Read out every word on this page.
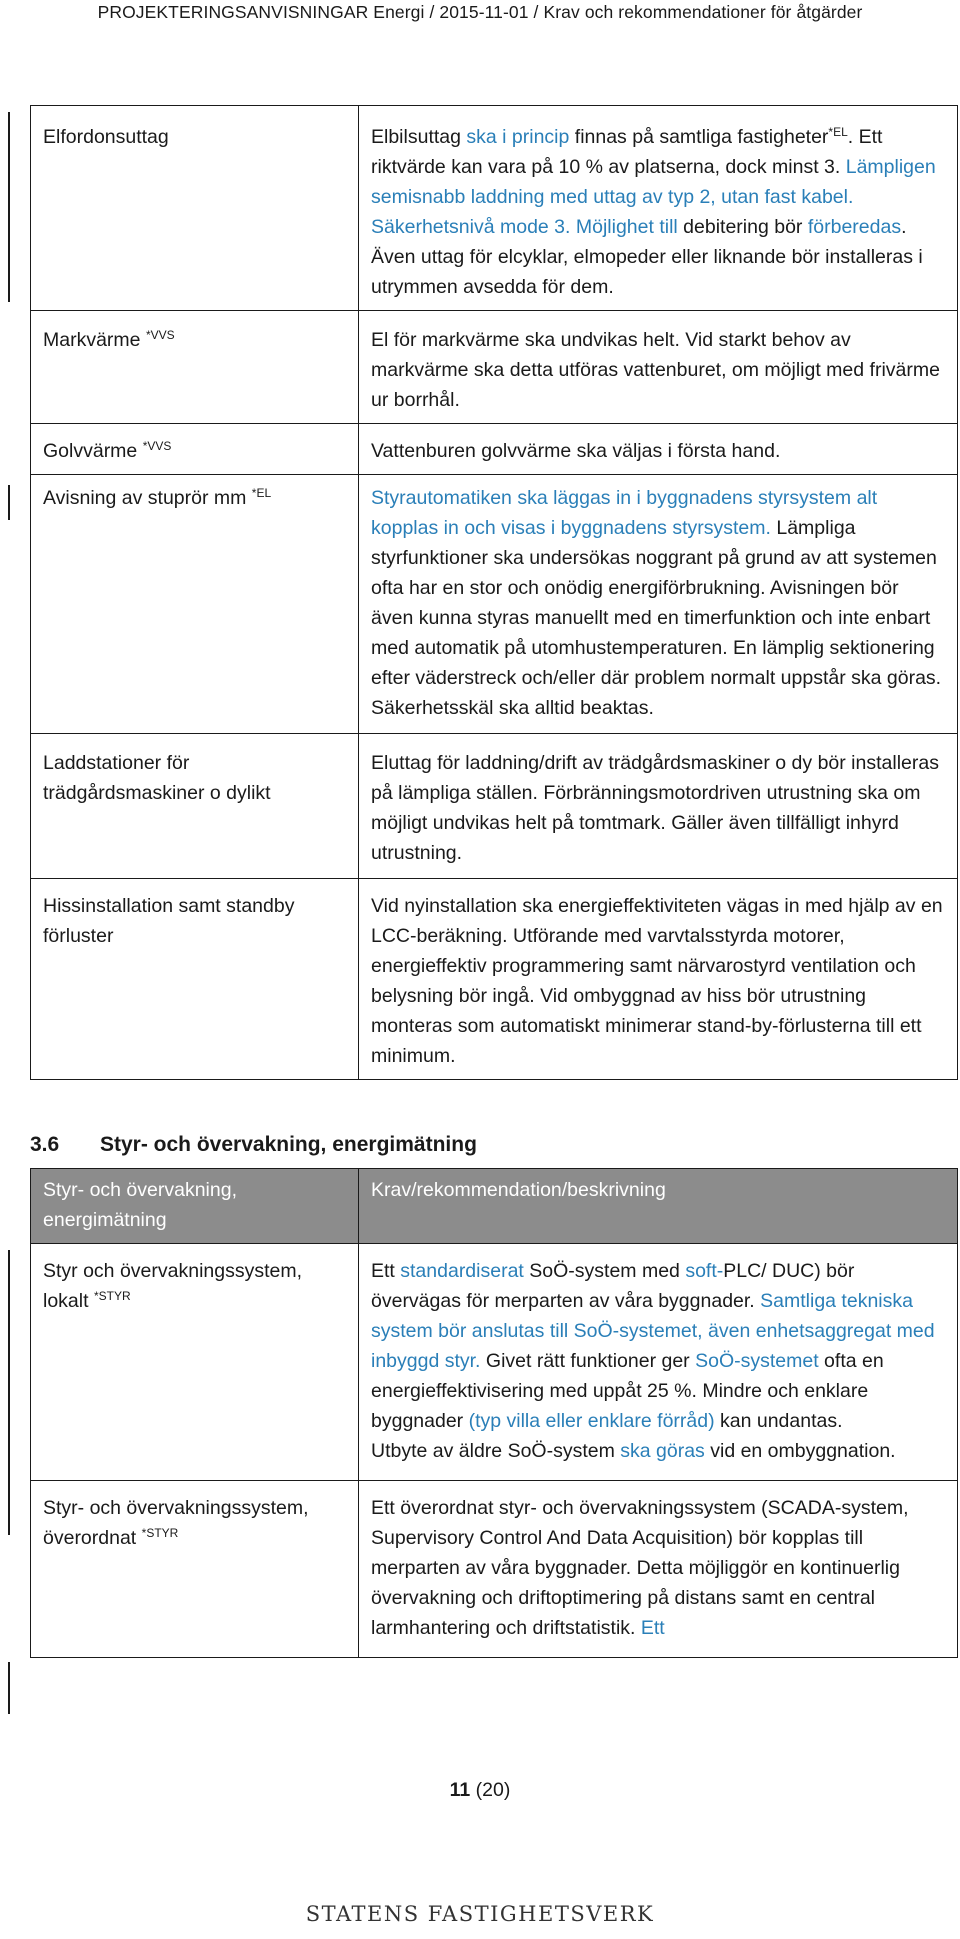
PROJEKTERINGSANVISNINGAR Energi / 2015-11-01 / Krav och rekommendationer för åtgärder
Elfordonsuttag	Elbilsuttag ska i princip finnas på samtliga fastigheter$^{*EL}$. Ett riktvärde kan vara på 10 % av platserna, dock minst 3. Lämpligen semisnabb laddning med uttag av typ 2, utan fast kabel. Säkerhetsnivå mode 3. Möjlighet till debitering bör förberedas. Även uttag för elcyklar, elmopeder eller liknande bör installeras i utrymmen avsedda för dem.
Markvärme $^{*VVS}$	El för markvärme ska undvikas helt. Vid starkt behov av markvärme ska detta utföras vattenburet, om möjligt med frivärme ur borrhål.
Golvvärme $^{*VVS}$	Vattenburen golvvärme ska väljas i första hand.
Avisning av stuprör mm $^{*EL}$	Styrautomatiken ska läggas in i byggnadens styrsystem alt kopplas in och visas i byggnadens styrsystem. Lämpliga styrfunktioner ska undersökas noggrant på grund av att systemen ofta har en stor och onödig energiförbrukning. Avisningen bör även kunna styras manuellt med en timerfunktion och inte enbart med automatik på utomhustemperaturen. En lämplig sektionering efter väderstreck och/eller där problem normalt uppstår ska göras. Säkerhetsskäl ska alltid beaktas.
Laddstationer för trädgårdsmaskiner o dylikt	Eluttag för laddning/drift av trädgårdsmaskiner o dy bör installeras på lämpliga ställen. Förbränningsmotordriven utrustning ska om möjligt undvikas helt på tomtmark. Gäller även tillfälligt inhyrd utrustning.
Hissinstallation samt standby förluster	Vid nyinstallation ska energieffektiviteten vägas in med hjälp av en LCC-beräkning. Utförande med varvtalsstyrda motorer, energieffektiv programmering samt närvarostyrd ventilation och belysning bör ingå. Vid ombyggnad av hiss bör utrustning monteras som automatiskt minimerar stand-by-förlusterna till ett minimum.
3.6 Styr- och övervakning, energimätning
Styr- och övervakning, energimätning	Krav/rekommendation/beskrivning
Styr och övervakningssystem, lokalt $^{*STYR}$	Ett standardiserat SoÖ-system med soft-PLC/ DUC) bör övervägas för merparten av våra byggnader. Samtliga tekniska system bör anslutas till SoÖ-systemet, även enhetsaggregat med inbyggd styr. Givet rätt funktioner ger SoÖ-systemet ofta en energieffektivisering med uppåt 25 %. Mindre och enklare byggnader (typ villa eller enklare förråd) kan undantas.
Utbyte av äldre SoÖ-system ska göras vid en ombyggnation.
Styr- och övervakningssystem, överordnat $^{*STYR}$	Ett överordnat styr- och övervakningssystem (SCADA-system, Supervisory Control And Data Acquisition) bör kopplas till merparten av våra byggnader. Detta möjliggör en kontinuerlig övervakning och driftoptimering på distans samt en central larmhantering och driftstatistik. Ett
11 (20)
STATENS FASTIGHETSVERK
